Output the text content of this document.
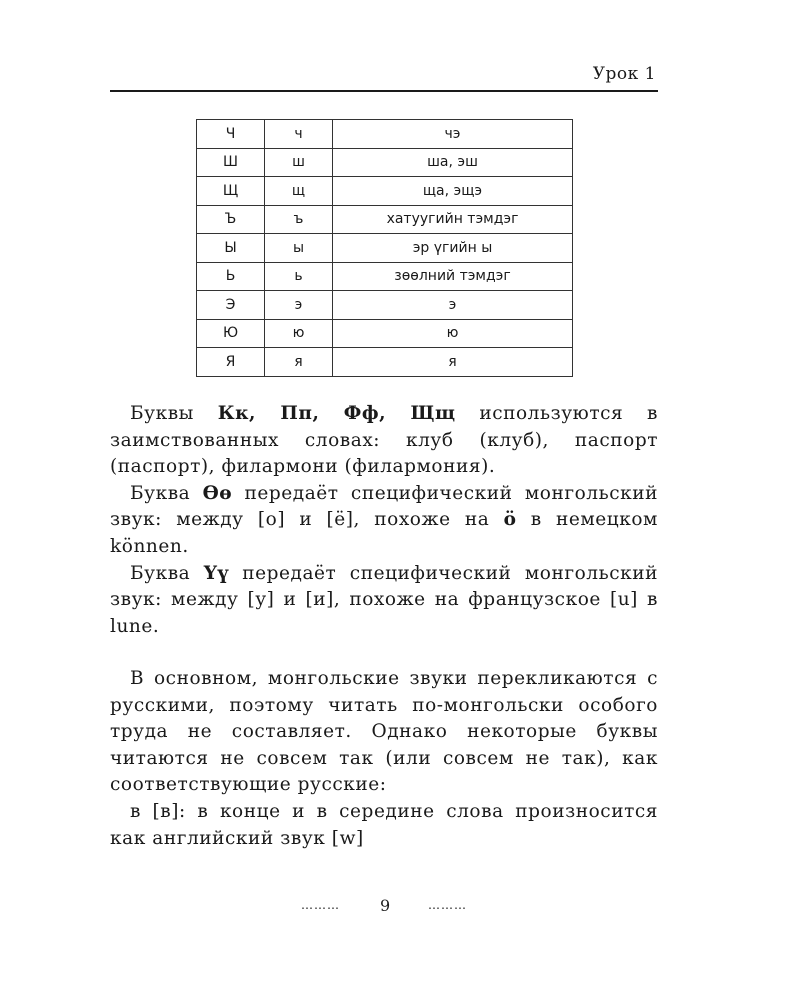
Урок 1
Ч	ч	чэ
Ш	ш	ша, эш
Щ	щ	ща, эщэ
Ъ	ъ	хатуугийн тэмдэг
Ы	ы	эр үгийн ы
Ь	ь	зөөлний тэмдэг
Э	э	э
Ю	ю	ю
Я	я	я

Буквы Кк, Пп, Фф, Щщ используются в заимствованных словах: клуб (клуб), паспорт (паспорт), филармони (филармония).

Буква Өө передаёт специфический монгольский звук: между [о] и [ё], похоже на ö в немецком können.

Буква Үү передаёт специфический монгольский звук: между [у] и [и], похоже на французское [u] в lune.

В основном, монгольские звуки перекликаются с русскими, поэтому читать по-монгольски особого труда не составляет. Однако некоторые буквы читаются не совсем так (или совсем не так), как соответствующие русские:

в [в]: в конце и в середине слова произносится как английский звук [w]

………	9	………
